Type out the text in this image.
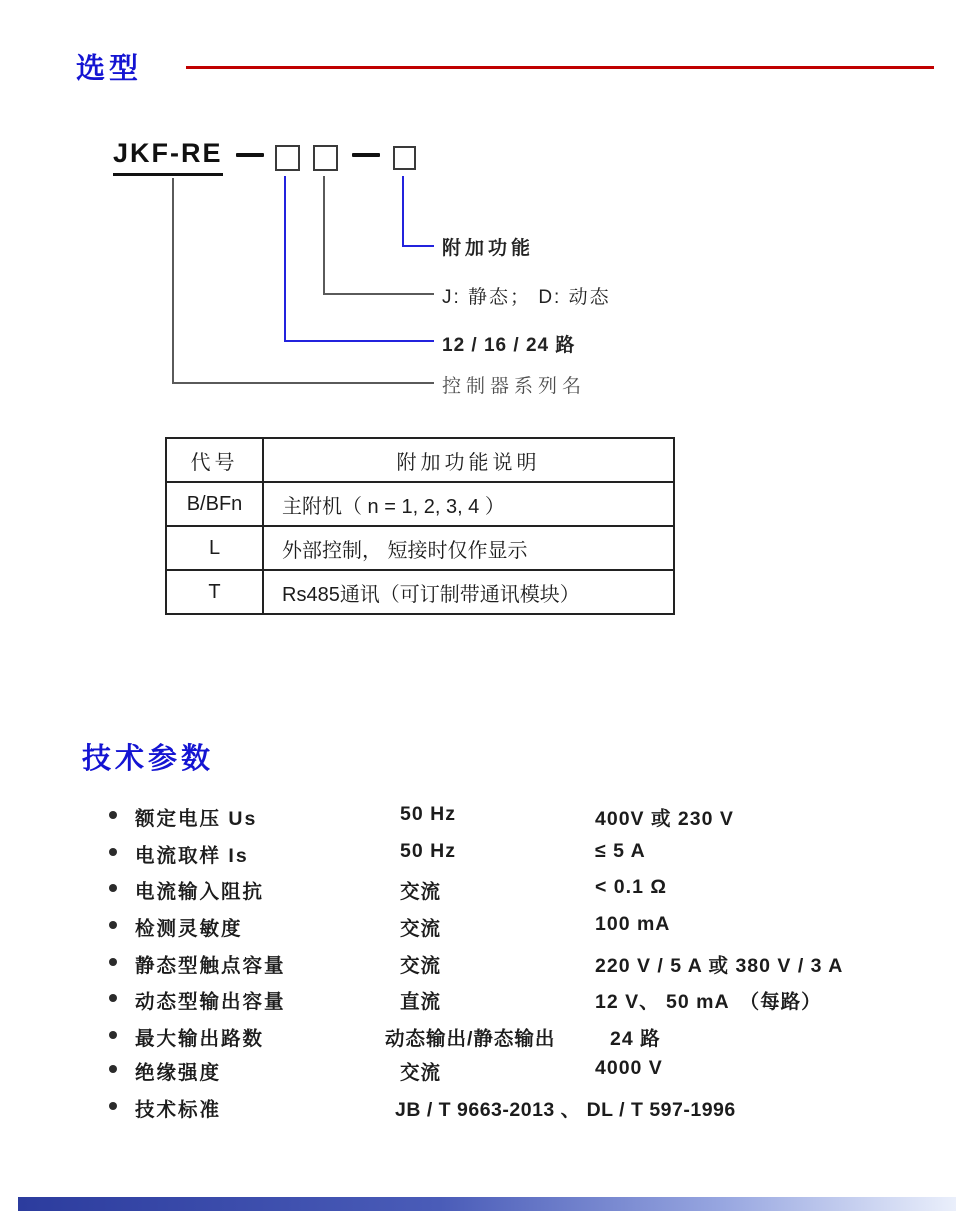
选型
JKF-RE
附加功能
J: 静态； D: 动态
12 / 16 / 24 路
控制器系列名
代号	附加功能说明
B/BFn	主附机（ n = 1, 2, 3, 4 ）
L	外部控制， 短接时仅作显示
T	Rs485通讯（可订制带通讯模块）
技术参数
额定电压 Us	50 Hz	400V 或 230 V
电流取样 Is	50 Hz	≤ 5 A
电流输入阻抗	交流	< 0.1 Ω
检测灵敏度	交流	100 mA
静态型触点容量	交流	220 V / 5 A 或 380 V / 3 A
动态型输出容量	直流	12 V、 50 mA　（每路）
最大输出路数	动态输出/静态输出	24 路
绝缘强度	交流	4000 V
技术标准	JB / T 9663-2013 、 DL / T 597-1996
